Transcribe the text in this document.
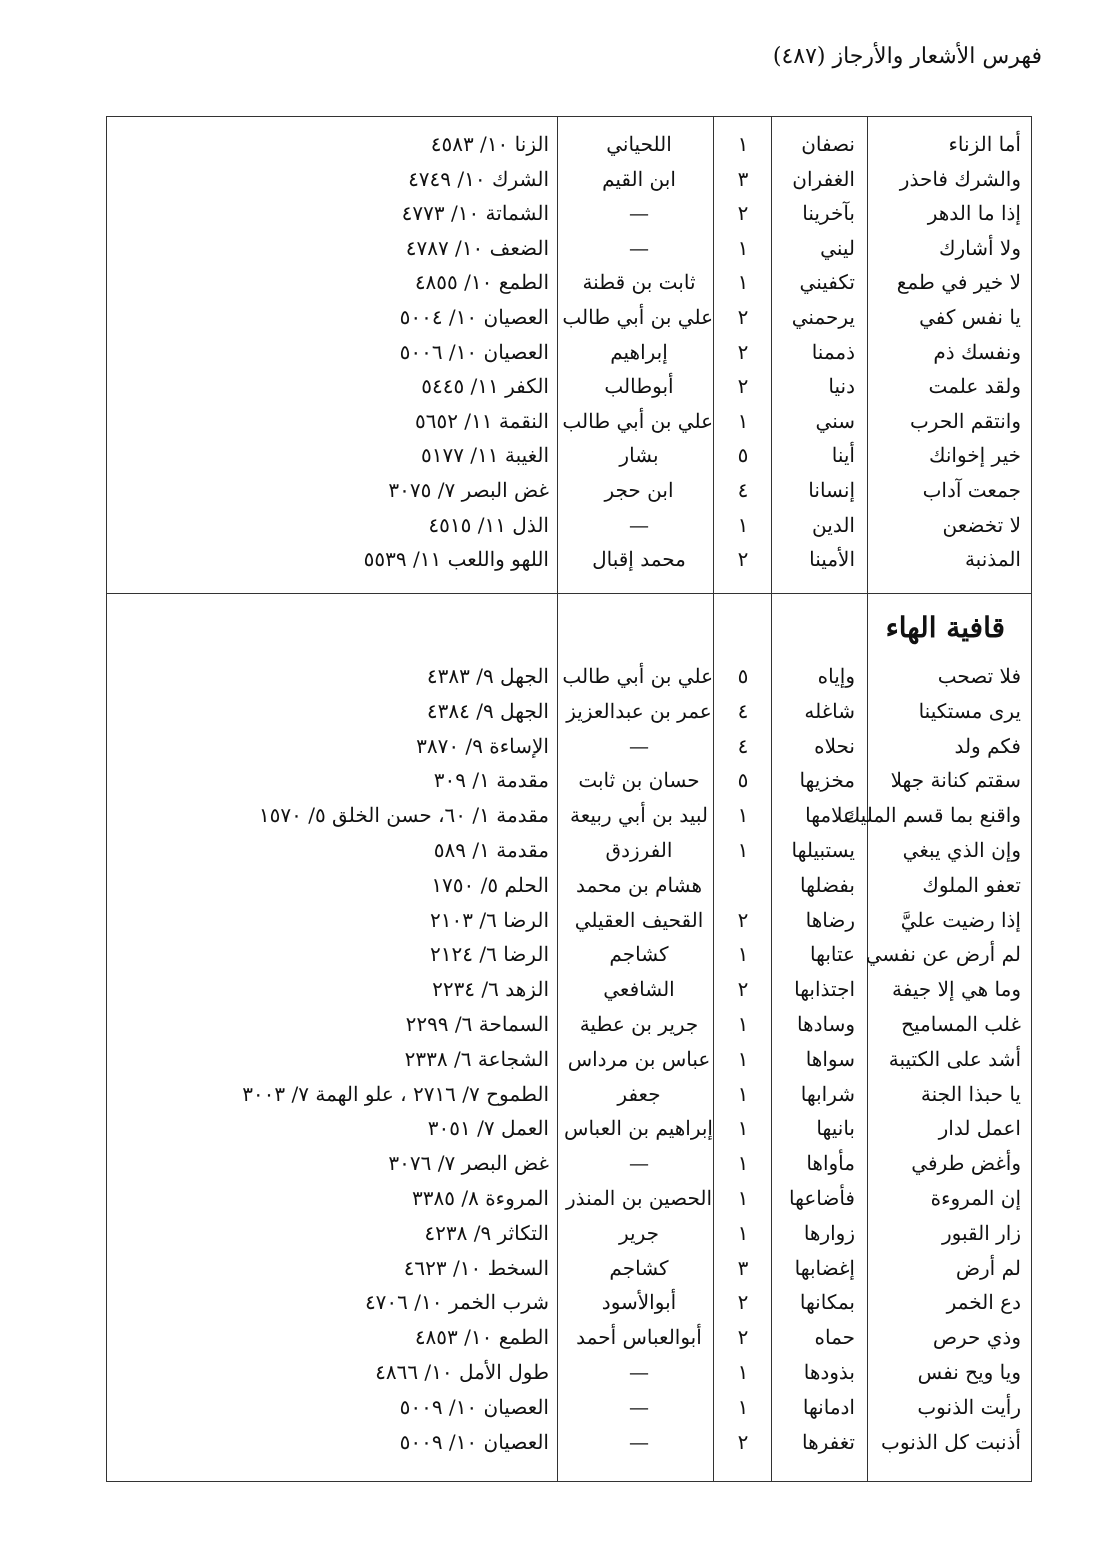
فهرس الأشعار والأرجاز (٤٨٧)
قافية الهاء
أما الزناء
نصفان
١
اللحياني
الزنا ١٠/ ٤٥٨٣
والشرك فاحذر
الغفران
٣
ابن القيم
الشرك ١٠/ ٤٧٤٩
إذا ما الدهر
بآخرينا
٢
—
الشماتة ١٠/ ٤٧٧٣
ولا أشارك
ليني
١
—
الضعف ١٠/ ٤٧٨٧
لا خير في طمع
تكفيني
١
ثابت بن قطنة
الطمع ١٠/ ٤٨٥٥
يا نفس كفي
يرحمني
٢
علي بن أبي طالب
العصيان ١٠/ ٥٠٠٤
ونفسك ذم
ذممنا
٢
إبراهيم
العصيان ١٠/ ٥٠٠٦
ولقد علمت
دنيا
٢
أبوطالب
الكفر ١١/ ٥٤٤٥
وانتقم الحرب
سني
١
علي بن أبي طالب
النقمة ١١/ ٥٦٥٢
خير إخوانك
أينا
٥
بشار
الغيبة ١١/ ٥١٧٧
جمعت آداب
إنسانا
٤
ابن حجر
غض البصر ٧/ ٣٠٧٥
لا تخضعن
الدين
١
—
الذل ١١/ ٤٥١٥
المذنبة
الأمينا
٢
محمد إقبال
اللهو واللعب ١١/ ٥٥٣٩
فلا تصحب
وإياه
٥
علي بن أبي طالب
الجهل ٩/ ٤٣٨٣
يرى مستكينا
شاغله
٤
عمر بن عبدالعزيز
الجهل ٩/ ٤٣٨٤
فكم ولد
نحلاه
٤
—
الإساءة ٩/ ٣٨٧٠
سقتم كنانة جهلا
مخزيها
٥
حسان بن ثابت
مقدمة ١/ ٣٠٩
واقنع بما قسم المليك
علامها
١
لبيد بن أبي ربيعة
مقدمة ١/ ٦٠، حسن الخلق ٥/ ١٥٧٠
وإن الذي يبغي
يستبيلها
١
الفرزدق
مقدمة ١/ ٥٨٩
تعفو الملوك
بفضلها
هشام بن محمد
الحلم ٥/ ١٧٥٠
إذا رضيت عليَّ
رضاها
٢
القحيف العقيلي
الرضا ٦/ ٢١٠٣
لم أرض عن نفسي
عتابها
١
كشاجم
الرضا ٦/ ٢١٢٤
وما هي إلا جيفة
اجتذابها
٢
الشافعي
الزهد ٦/ ٢٢٣٤
غلب المساميح
وسادها
١
جرير بن عطية
السماحة ٦/ ٢٢٩٩
أشد على الكتيبة
سواها
١
عباس بن مرداس
الشجاعة ٦/ ٢٣٣٨
يا حبذا الجنة
شرابها
١
جعفر
الطموح ٧/ ٢٧١٦ ، علو الهمة ٧/ ٣٠٠٣
اعمل لدار
بانيها
١
إبراهيم بن العباس
العمل ٧/ ٣٠٥١
وأغض طرفي
مأواها
١
—
غض البصر ٧/ ٣٠٧٦
إن المروءة
فأضاعها
١
الحصين بن المنذر
المروءة ٨/ ٣٣٨٥
زار القبور
زوارها
١
جرير
التكاثر ٩/ ٤٢٣٨
لم أرض
إغضابها
٣
كشاجم
السخط ١٠/ ٤٦٢٣
دع الخمر
بمكانها
٢
أبوالأسود
شرب الخمر ١٠/ ٤٧٠٦
وذي حرص
حماه
٢
أبوالعباس أحمد
الطمع ١٠/ ٤٨٥٣
ويا ويح نفس
بذودها
١
—
طول الأمل ١٠/ ٤٨٦٦
رأيت الذنوب
ادمانها
١
—
العصيان ١٠/ ٥٠٠٩
أذنبت كل الذنوب
تغفرها
٢
—
العصيان ١٠/ ٥٠٠٩
